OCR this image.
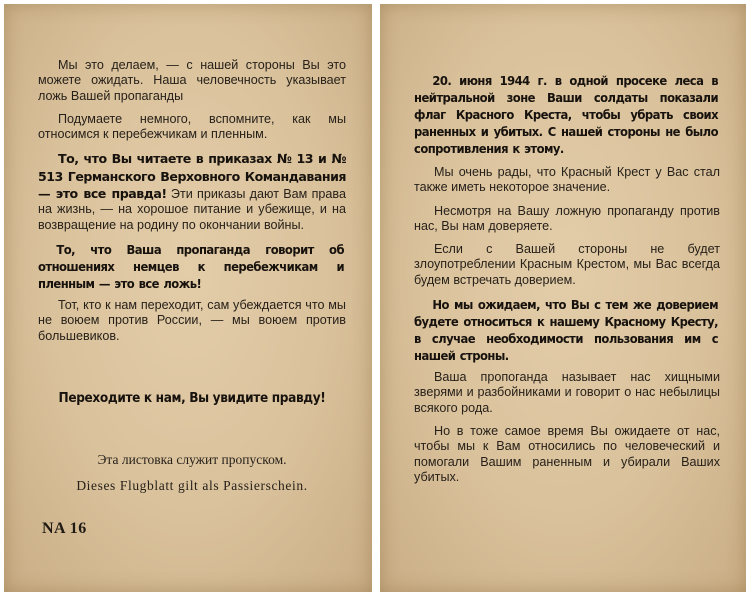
Мы это делаем, — с нашей стороны Вы это можете ожидать. Наша человечность указывает ложь Вашей пропаганды

Подумаете немного, вспомните, как мы относимся к перебежчикам и пленным.

То, что Вы читаете в приказах № 13 и № 513 Германского Верховного Командавания — это все правда! Эти приказы дают Вам права на жизнь, — на хорошое питание и убежище, и на возвращение на родину по окончании войны.

То, что Ваша пропаганда говорит об отношениях немцев к перебежчикам и пленным — это все ложь!

Тот, кто к нам переходит, сам убеждается что мы не воюем против России, — мы воюем против большевиков.

Переходите к нам, Вы увидите правду!

Эта листовка служит пропуском.

Dieses Flugblatt gilt als Passierschein.

NA 16

20. июня 1944 г. в одной просеке леса в нейтральной зоне Ваши солдаты показали флаг Красного Креста, чтобы убрать своих раненных и убитых. С нашей стороны не было сопротивления к этому.

Мы очень рады, что Красный Крест у Вас стал также иметь некоторое значение.

Несмотря на Вашу ложную пропаганду против нас, Вы нам доверяете.

Если с Вашей стороны не будет злоупотреблении Красным Крестом, мы Вас всегда будем встречать доверием.

Но мы ожидаем, что Вы с тем же доверием будете относиться к нашему Красному Кресту, в случае необходимости пользования им с нашей строны.

Ваша пропоганда называет нас хищными зверями и разбойниками и говорит о нас небылицы всякого рода.

Но в тоже самое время Вы ожидаете от нас, чтобы мы к Вам относились по человеческий и помогали Вашим раненным и убирали Ваших убитых.
